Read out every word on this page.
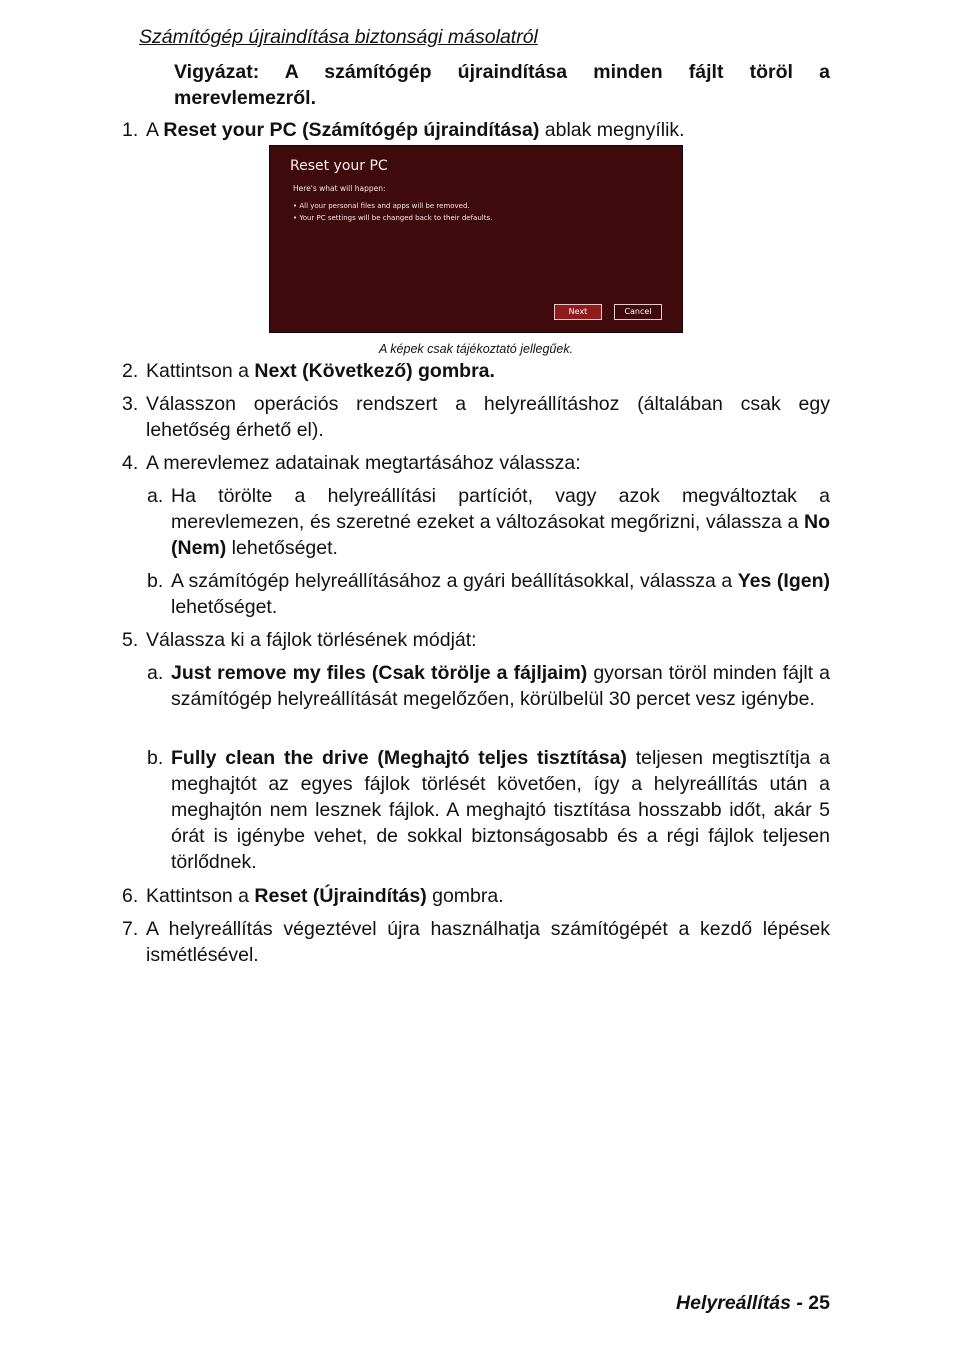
Számítógép újraindítása biztonsági másolatról
Vigyázat: A számítógép újraindítása minden fájlt töröl a merevlemezről.
1. A Reset your PC (Számítógép újraindítása) ablak megnyílik.
Reset your PC
Here's what will happen:
• All your personal files and apps will be removed.
• Your PC settings will be changed back to their defaults.
Next	Cancel
A képek csak tájékoztató jellegűek.
2. Kattintson a Next (Következő) gombra.
3. Válasszon operációs rendszert a helyreállításhoz (általában csak egy lehetőség érhető el).
4. A merevlemez adatainak megtartásához válassza:
a. Ha törölte a helyreállítási partíciót, vagy azok megváltoztak a merevlemezen, és szeretné ezeket a változásokat megőrizni, válassza a No (Nem) lehetőséget.
b. A számítógép helyreállításához a gyári beállításokkal, válassza a Yes (Igen) lehetőséget.
5. Válassza ki a fájlok törlésének módját:
a. Just remove my files (Csak törölje a fájljaim) gyorsan töröl minden fájlt a számítógép helyreállítását megelőzően, körülbelül 30 percet vesz igénybe.
b. Fully clean the drive (Meghajtó teljes tisztítása) teljesen megtisztítja a meghajtót az egyes fájlok törlését követően, így a helyreállítás után a meghajtón nem lesznek fájlok. A meghajtó tisztítása hosszabb időt, akár 5 órát is igénybe vehet, de sokkal biztonságosabb és a régi fájlok teljesen törlődnek.
6. Kattintson a Reset (Újraindítás) gombra.
7. A helyreállítás végeztével újra használhatja számítógépét a kezdő lépések ismétlésével.
Helyreállítás - 25
